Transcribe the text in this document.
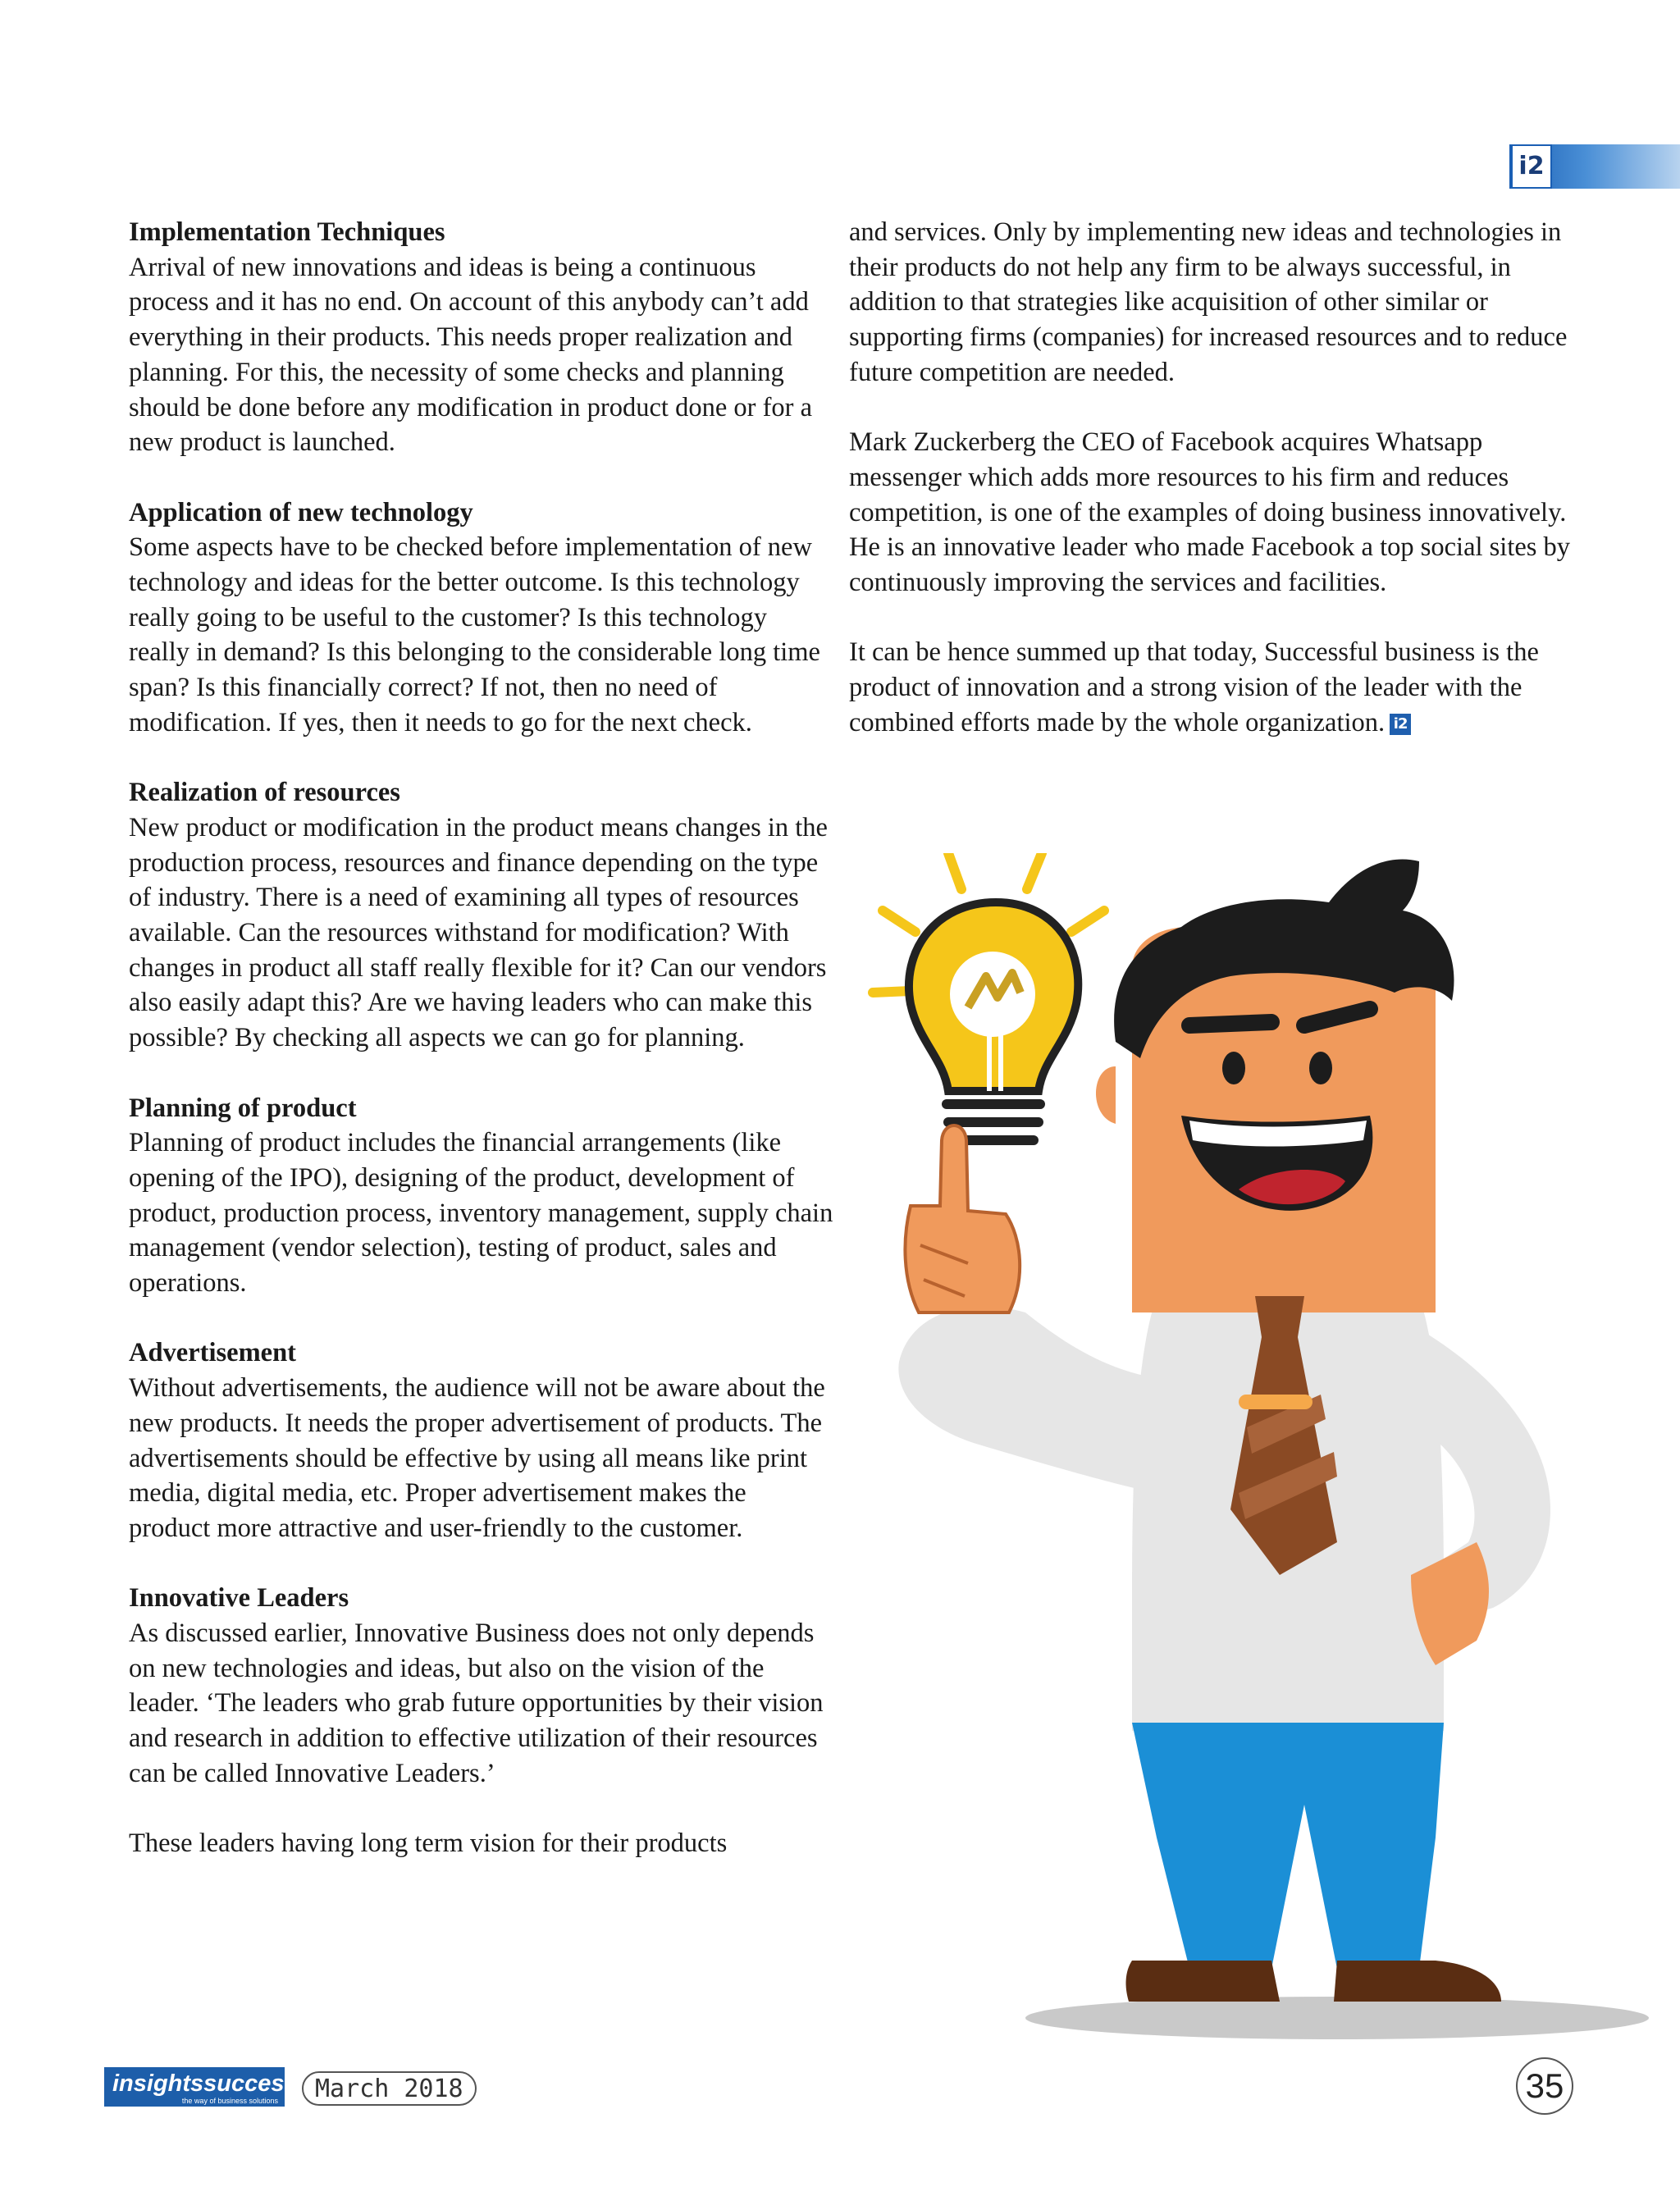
i2
Implementation Techniques

Arrival of new innovations and ideas is being a continuous process and it has no end. On account of this anybody can’t add everything in their products. This needs proper realization and planning. For this, the necessity of some checks and planning should be done before any modification in product done or for a new product is launched.

Application of new technology

Some aspects have to be checked before implementation of new technology and ideas for the better outcome. Is this technology really going to be useful to the customer? Is this technology really in demand? Is this belonging to the considerable long time span? Is this financially correct? If not, then no need of modification. If yes, then it needs to go for the next check.

Realization of resources

New product or modification in the product means changes in the production process, resources and finance depending on the type of industry. There is a need of examining all types of resources available. Can the resources withstand for modification? With changes in product all staff really flexible for it? Can our vendors also easily adapt this? Are we having leaders who can make this possible? By checking all aspects we can go for planning.

Planning of product

Planning of product includes the financial arrangements (like opening of the IPO), designing of the product, development of product, production process, inventory management, supply chain management (vendor selection), testing of product, sales and operations.

Advertisement

Without advertisements, the audience will not be aware about the new products. It needs the proper advertisement of products. The advertisements should be effective by using all means like print media, digital media, etc. Proper advertisement makes the product more attractive and user-friendly to the customer.

Innovative Leaders

As discussed earlier, Innovative Business does not only depends on new technologies and ideas, but also on the vision of the leader. ‘The leaders who grab future opportunities by their vision and research in addition to effective utilization of their resources can be called Innovative Leaders.’

These leaders having long term vision for their products

and services. Only by implementing new ideas and technologies in their products do not help any firm to be always successful, in addition to that strategies like acquisition of other similar or supporting firms (companies) for increased resources and to reduce future competition are needed.

Mark Zuckerberg the CEO of Facebook acquires Whatsapp messenger which adds more resources to his firm and reduces competition, is one of the examples of doing business innovatively. He is an innovative leader who made Facebook a top social sites by continuously improving the services and facilities.

It can be hence summed up that today, Successful business is the product of innovation and a strong vision of the leader with the combined efforts made by the whole organization. i2

insightssuccess
the way of business solutions	March 2018	35
